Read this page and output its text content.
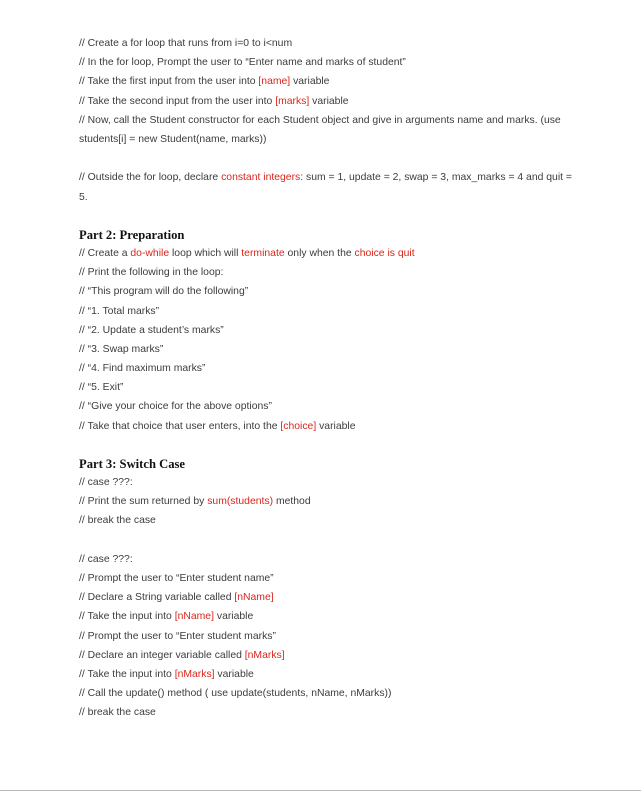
// Create a for loop that runs from i=0 to i<num
// In the for loop, Prompt the user to “Enter name and marks of student”
// Take the first input from the user into [name] variable
// Take the second input from the user into [marks] variable
// Now, call the Student constructor for each Student object and give in arguments name and marks. (use students[i] = new Student(name, marks))
// Outside the for loop, declare constant integers: sum = 1, update = 2, swap = 3, max_marks = 4 and quit = 5.
Part 2: Preparation
// Create a do-while loop which will terminate only when the choice is quit
// Print the following in the loop:
// “This program will do the following”
// “1. Total marks”
// “2. Update a student’s marks”
// “3. Swap marks”
// “4. Find maximum marks”
// “5. Exit”
// “Give your choice for the above options”
// Take that choice that user enters, into the [choice] variable
Part 3: Switch Case
// case ???:
// Print the sum returned by sum(students) method
// break the case
// case ???:
// Prompt the user to “Enter student name”
// Declare a String variable called [nName]
// Take the input into [nName] variable
// Prompt the user to “Enter student marks”
// Declare an integer variable called [nMarks]
// Take the input into [nMarks] variable
// Call the update() method ( use update(students, nName, nMarks))
// break the case
